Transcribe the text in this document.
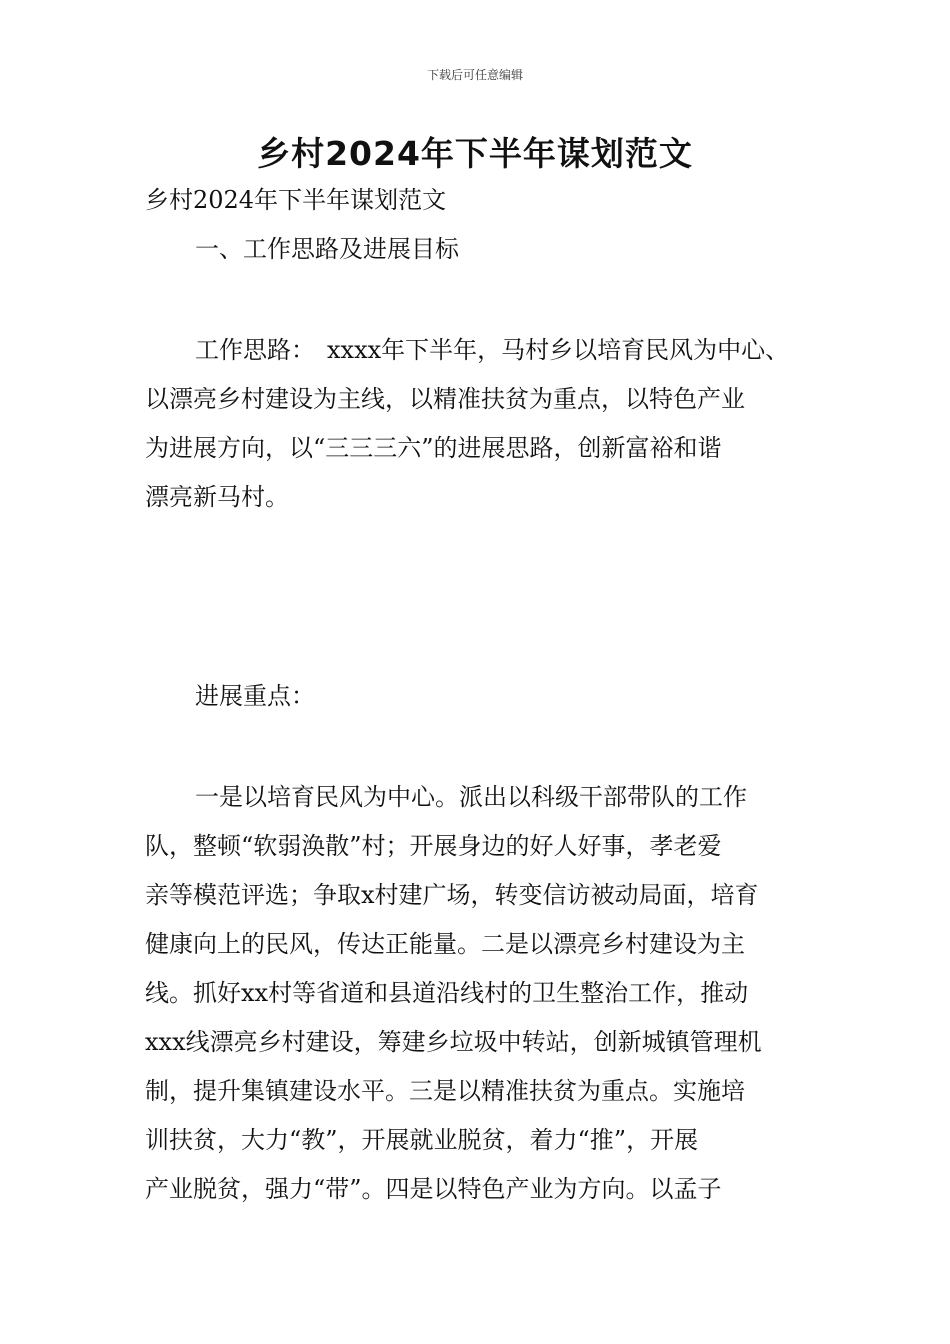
下载后可任意编辑
乡村2024年下半年谋划范文

乡村2024年下半年谋划范文

一、工作思路及进展目标

工作思路：　xxxx年下半年，马村乡以培育民风为中心、

以漂亮乡村建设为主线，以精准扶贫为重点，以特色产业

为进展方向，以“三三三六”的进展思路，创新富裕和谐

漂亮新马村。

进展重点：

一是以培育民风为中心。派出以科级干部带队的工作

队，整顿“软弱涣散”村；开展身边的好人好事，孝老爱

亲等模范评选；争取x村建广场，转变信访被动局面，培育

健康向上的民风，传达正能量。二是以漂亮乡村建设为主

线。抓好xx村等省道和县道沿线村的卫生整治工作，推动

xxx线漂亮乡村建设，筹建乡垃圾中转站，创新城镇管理机

制，提升集镇建设水平。三是以精准扶贫为重点。实施培

训扶贫，大力“教”，开展就业脱贫，着力“推”，开展

产业脱贫，强力“带”。四是以特色产业为方向。以孟子
